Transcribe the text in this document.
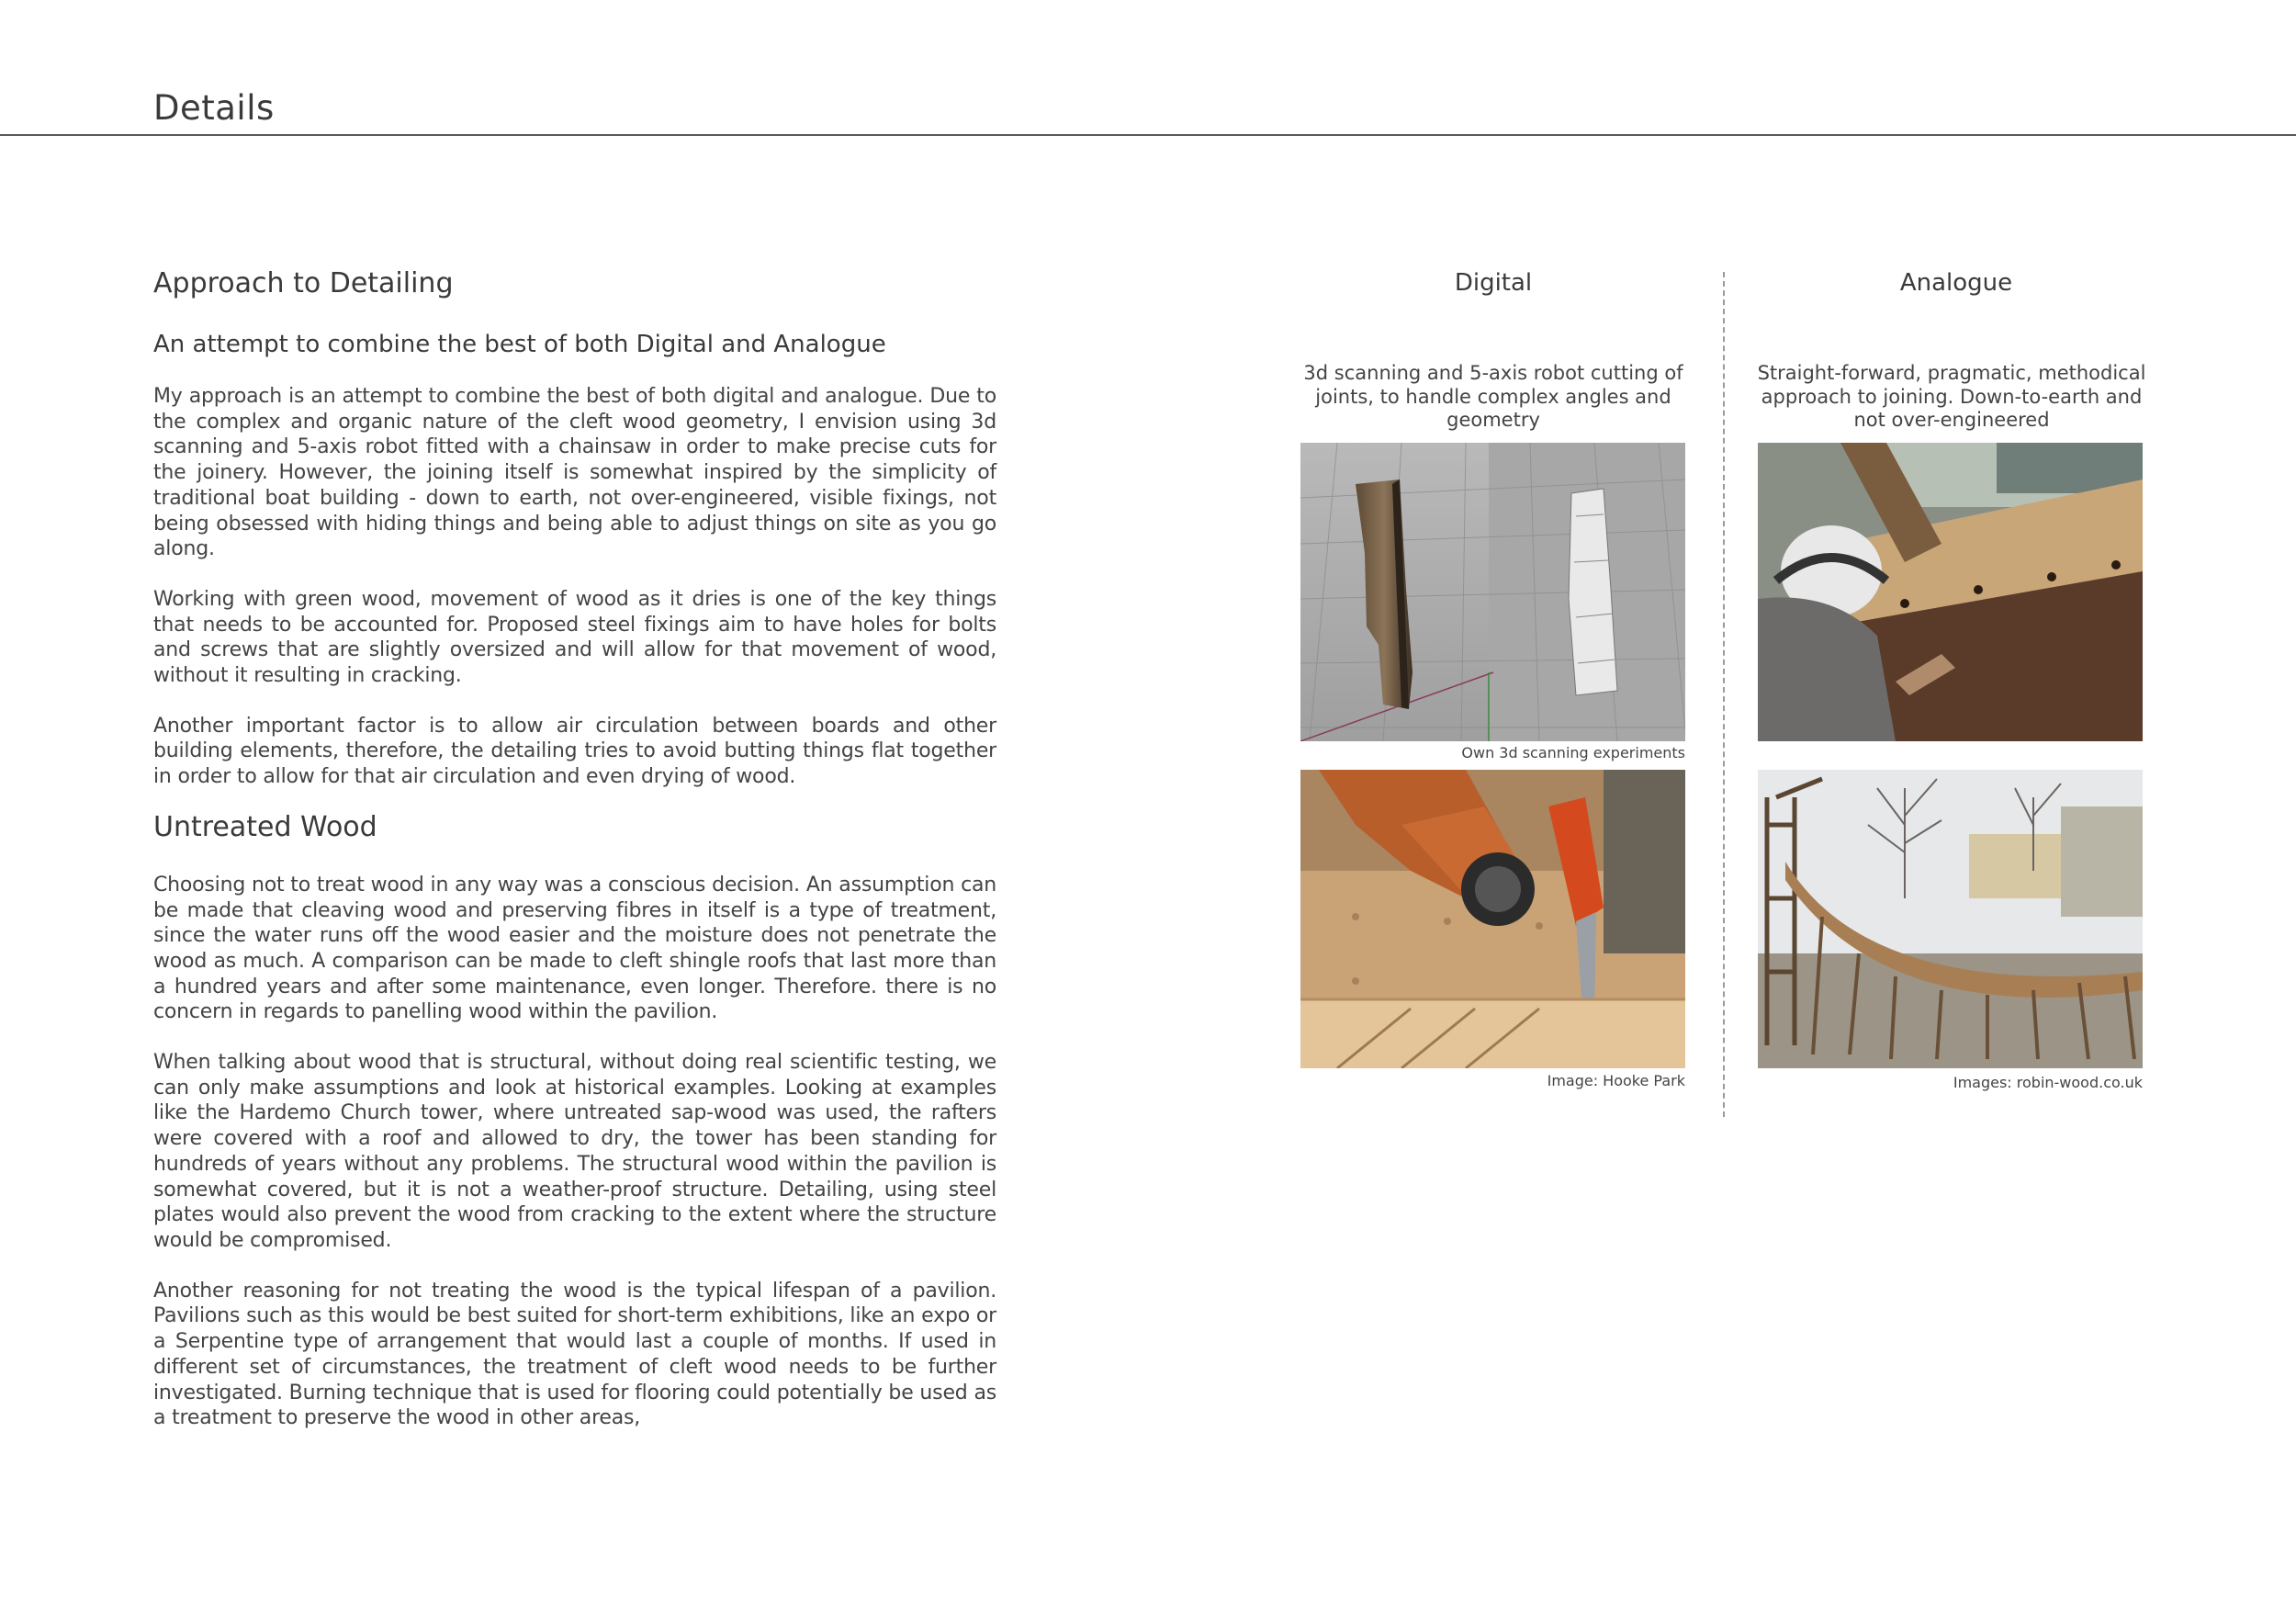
Details
Approach to Detailing
An attempt to combine the best of both Digital and Analogue

My approach is an attempt to combine the best of both digital and analogue. Due to the complex and organic nature of the cleft wood geometry, I envision using 3d scanning and 5-axis robot fitted with a chainsaw in order to make precise cuts for the joinery. However, the joining itself is somewhat inspired by the simplicity of traditional boat building - down to earth, not over-engineered, visible fixings, not being obsessed with hiding things and being able to adjust things on site as you go along.

Working with green wood, movement of wood as it dries is one of the key things that needs to be accounted for. Proposed steel fixings aim to have holes for bolts and screws that are slightly oversized and will allow for that movement of wood, without it resulting in cracking.

Another important factor is to allow air circulation between boards and other building elements, therefore, the detailing tries to avoid butting things flat together in order to allow for that air circulation and even drying of wood.

Untreated Wood

Choosing not to treat wood in any way was a conscious decision. An assumption can be made that cleaving wood and preserving fibres in itself is a type of treatment, since the water runs off the wood easier and the moisture does not penetrate the wood as much. A comparison can be made to cleft shingle roofs that last more than a hundred years and after some maintenance, even longer. Therefore. there is no concern in regards to panelling wood within the pavilion.

When talking about wood that is structural, without doing real scientific testing, we can only make assumptions and look at historical examples. Looking at examples like the Hardemo Church tower, where untreated sap-wood was used, the rafters were covered with a roof and allowed to dry, the tower has been standing for hundreds of years without any problems. The structural wood within the pavilion is somewhat covered, but it is not a weather-proof structure. Detailing, using steel plates would also prevent the wood from cracking to the extent where the structure would be compromised.

Another reasoning for not treating the wood is the typical lifespan of a pavilion. Pavilions such as this would be best suited for short-term exhibitions, like an expo or a Serpentine type of arrangement that would last a couple of months. If used in different set of circumstances, the treatment of cleft wood needs to be further investigated. Burning technique that is used for flooring could potentially be used as a treatment to preserve the wood in other areas,

Digital
3d scanning and 5-axis robot cutting of joints, to handle complex angles and geometry
Own 3d scanning experiments
Image: Hooke Park
Analogue
Straight-forward, pragmatic, methodical approach to joining. Down-to-earth and not over-engineered
Images: robin-wood.co.uk
